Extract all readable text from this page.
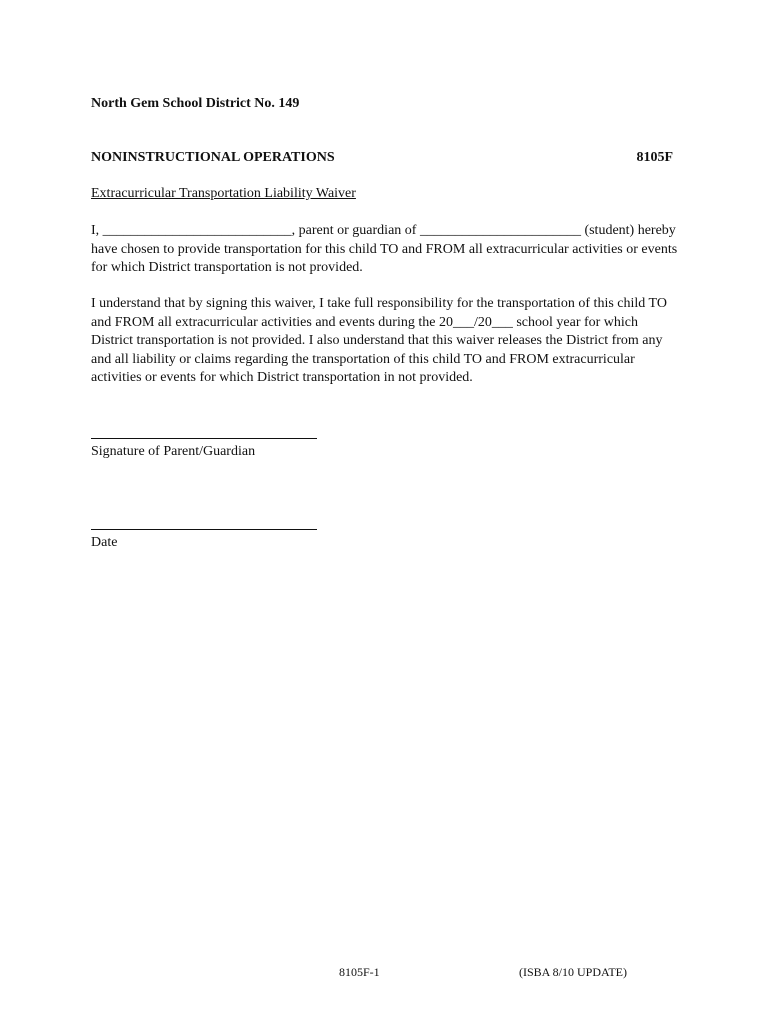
North Gem School District No. 149
NONINSTRUCTIONAL OPERATIONS	8105F
Extracurricular Transportation Liability Waiver
I, ___________________________, parent or guardian of _______________________ (student) hereby have chosen to provide transportation for this child TO and FROM all extracurricular activities or events for which District transportation is not provided.
I understand that by signing this waiver, I take full responsibility for the transportation of this child TO and FROM all extracurricular activities and events during the 20___/20___ school year for which District transportation is not provided. I also understand that this waiver releases the District from any and all liability or claims regarding the transportation of this child TO and FROM extracurricular activities or events for which District transportation in not provided.
Signature of Parent/Guardian
Date
8105F-1	(ISBA 8/10 UPDATE)
